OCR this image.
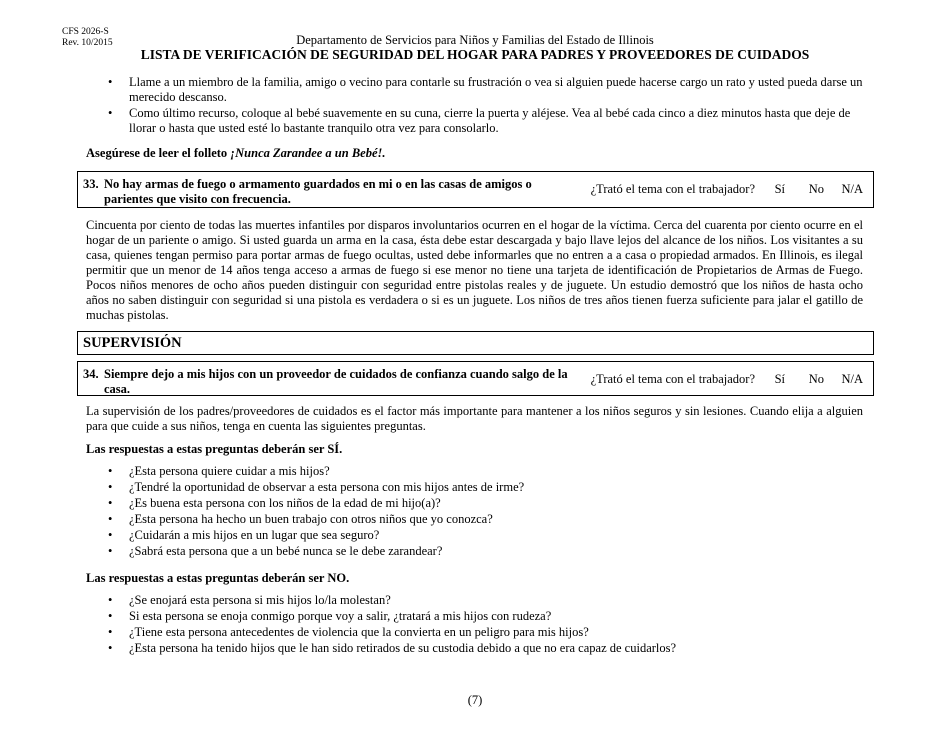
CFS 2026-S
Rev. 10/2015	Departamento de Servicios para Niños y Familias del Estado de Illinois
LISTA DE VERIFICACIÓN DE SEGURIDAD DEL HOGAR PARA PADRES Y PROVEEDORES DE CUIDADOS
• Llame a un miembro de la familia, amigo o vecino para contarle su frustración o vea si alguien puede hacerse cargo un rato y usted pueda darse un merecido descanso.
• Como último recurso, coloque al bebé suavemente en su cuna, cierre la puerta y aléjese. Vea al bebé cada cinco a diez minutos hasta que deje de llorar o hasta que usted esté lo bastante tranquilo otra vez para consolarlo.
Asegúrese de leer el folleto ¡Nunca Zarandee a un Bebé!.
33. No hay armas de fuego o armamento guardados en mi o en las casas de amigos o parientes que visito con frecuencia.
¿Trató el tema con el trabajador? Sí No N/A
Cincuenta por ciento de todas las muertes infantiles por disparos involuntarios ocurren en el hogar de la víctima. Cerca del cuarenta por ciento ocurre en el hogar de un pariente o amigo. Si usted guarda un arma en la casa, ésta debe estar descargada y bajo llave lejos del alcance de los niños. Los visitantes a su casa, quienes tengan permiso para portar armas de fuego ocultas, usted debe informarles que no entren a a casa o propiedad armados. En Illinois, es ilegal permitir que un menor de 14 años tenga acceso a armas de fuego si ese menor no tiene una tarjeta de identificación de Propietarios de Armas de Fuego. Pocos niños menores de ocho años pueden distinguir con seguridad entre pistolas reales y de juguete. Un estudio demostró que los niños de hasta ocho años no saben distinguir con seguridad si una pistola es verdadera o si es un juguete. Los niños de tres años tienen fuerza suficiente para jalar el gatillo de muchas pistolas.
SUPERVISIÓN
34. Siempre dejo a mis hijos con un proveedor de cuidados de confianza cuando salgo de la casa.
¿Trató el tema con el trabajador? Sí No N/A
La supervisión de los padres/proveedores de cuidados es el factor más importante para mantener a los niños seguros y sin lesiones. Cuando elija a alguien para que cuide a sus niños, tenga en cuenta las siguientes preguntas.
Las respuestas a estas preguntas deberán ser SÍ.
• ¿Esta persona quiere cuidar a mis hijos?
• ¿Tendré la oportunidad de observar a esta persona con mis hijos antes de irme?
• ¿Es buena esta persona con los niños de la edad de mi hijo(a)?
• ¿Esta persona ha hecho un buen trabajo con otros niños que yo conozca?
• ¿Cuidarán a mis hijos en un lugar que sea seguro?
• ¿Sabrá esta persona que a un bebé nunca se le debe zarandear?
Las respuestas a estas preguntas deberán ser NO.
• ¿Se enojará esta persona si mis hijos lo/la molestan?
• Si esta persona se enoja conmigo porque voy a salir, ¿tratará a mis hijos con rudeza?
• ¿Tiene esta persona antecedentes de violencia que la convierta en un peligro para mis hijos?
• ¿Esta persona ha tenido hijos que le han sido retirados de su custodia debido a que no era capaz de cuidarlos?
(7)
